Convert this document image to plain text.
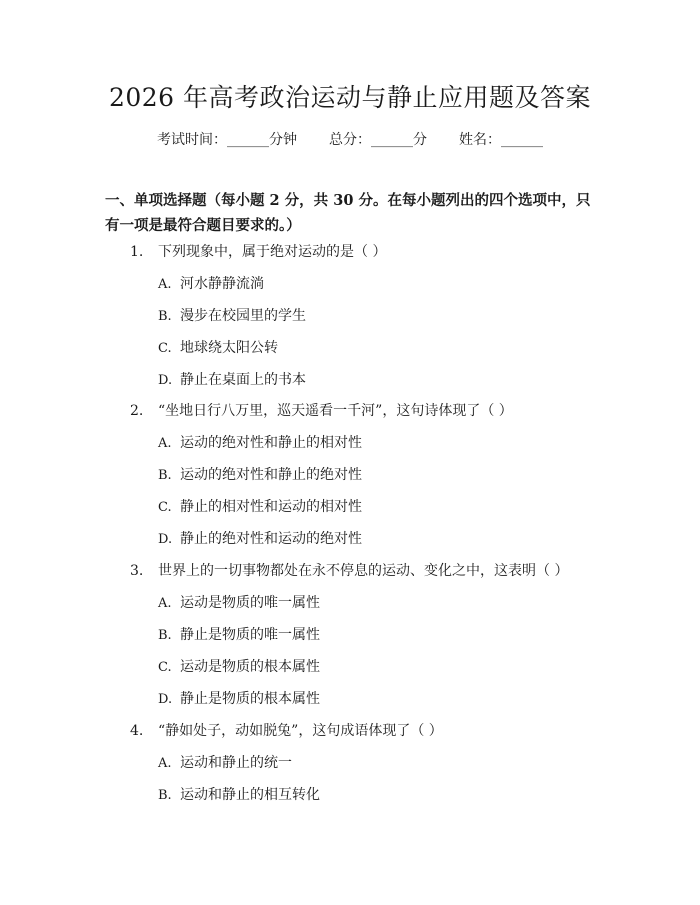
2026 年高考政治运动与静止应用题及答案
考试时间：______分钟 总分：______分 姓名：______
一、单项选择题（每小题 2 分，共 30 分。在每小题列出的四个选项中，只有一项是最符合题目要求的。）
1. 下列现象中，属于绝对运动的是（ ）
A. 河水静静流淌
B. 漫步在校园里的学生
C. 地球绕太阳公转
D. 静止在桌面上的书本
2. “坐地日行八万里，巡天遥看一千河”，这句诗体现了（ ）
A. 运动的绝对性和静止的相对性
B. 运动的绝对性和静止的绝对性
C. 静止的相对性和运动的相对性
D. 静止的绝对性和运动的绝对性
3. 世界上的一切事物都处在永不停息的运动、变化之中，这表明（ ）
A. 运动是物质的唯一属性
B. 静止是物质的唯一属性
C. 运动是物质的根本属性
D. 静止是物质的根本属性
4. “静如处子，动如脱兔”，这句成语体现了（ ）
A. 运动和静止的统一
B. 运动和静止的相互转化
